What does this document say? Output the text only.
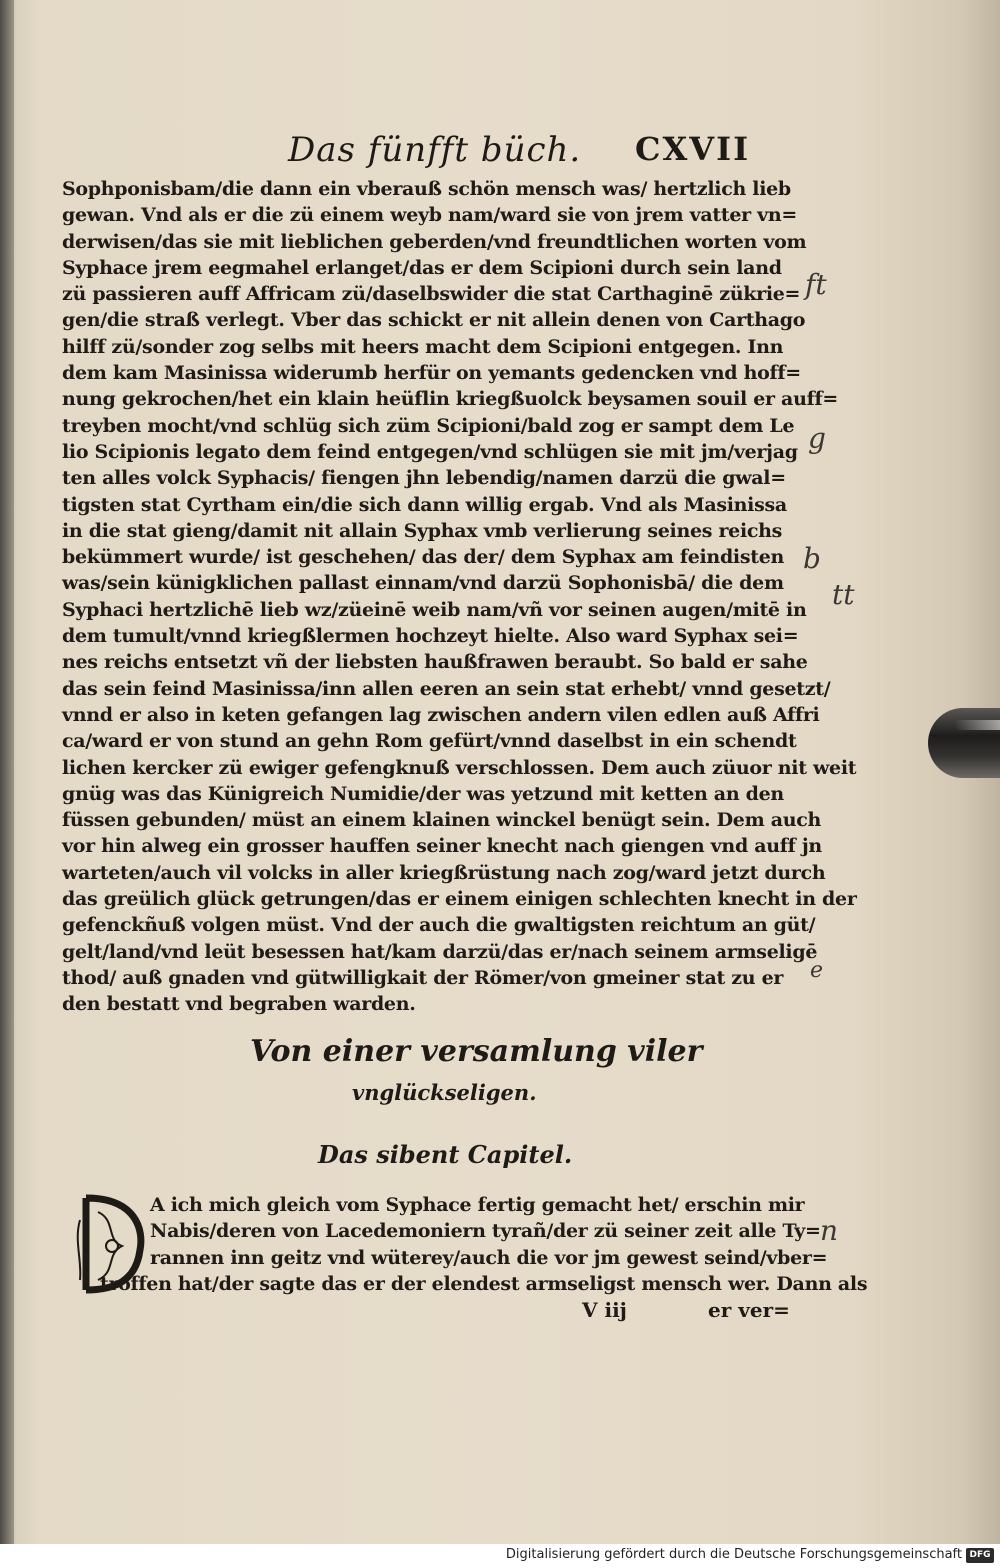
Das fünfft büch. CXVII
Sophponisbam/die dann ein vberauß schön mensch was/ hertzlich lieb
gewan. Vnd als er die zü einem weyb nam/ward sie von jrem vatter vn=
derwisen/das sie mit lieblichen geberden/vnd freundtlichen worten vom
Syphace jrem eegmahel erlanget/das er dem Scipioni durch sein land
zü passieren auff Affricam zü/daselbswider die stat Carthaginē zükrie=
gen/die straß verlegt. Vber das schickt er nit allein denen von Carthago
hilff zü/sonder zog selbs mit heers macht dem Scipioni entgegen. Inn
dem kam Masinissa widerumb herfür on yemants gedencken vnd hoff=
nung gekrochen/het ein klain heüflin kriegßuolck beysamen souil er auff=
treyben mocht/vnd schlüg sich züm Scipioni/bald zog er sampt dem Le
lio Scipionis legato dem feind entgegen/vnd schlügen sie mit jm/verjag
ten alles volck Syphacis/ fiengen jhn lebendig/namen darzü die gwal=
tigsten stat Cyrtham ein/die sich dann willig ergab. Vnd als Masinissa
in die stat gieng/damit nit allain Syphax vmb verlierung seines reichs
bekümmert wurde/ ist geschehen/ das der/ dem Syphax am feindisten
was/sein künigklichen pallast einnam/vnd darzü Sophonisbā/ die dem
Syphaci hertzlichē lieb wz/züeinē weib nam/vñ vor seinen augen/mitē in
dem tumult/vnnd kriegßlermen hochzeyt hielte. Also ward Syphax sei=
nes reichs entsetzt vñ der liebsten haußfrawen beraubt. So bald er sahe
das sein feind Masinissa/inn allen eeren an sein stat erhebt/ vnnd gesetzt/
vnnd er also in keten gefangen lag zwischen andern vilen edlen auß Affri
ca/ward er von stund an gehn Rom gefürt/vnnd daselbst in ein schendt
lichen kercker zü ewiger gefengknuß verschlossen. Dem auch züuor nit weit
gnüg was das Künigreich Numidie/der was yetzund mit ketten an den
füssen gebunden/ müst an einem klainen winckel benügt sein. Dem auch
vor hin alweg ein grosser hauffen seiner knecht nach giengen vnd auff jn
warteten/auch vil volcks in aller kriegßrüstung nach zog/ward jetzt durch
das greülich glück getrungen/das er einem einigen schlechten knecht in der
gefenckñuß volgen müst. Vnd der auch die gwaltigsten reichtum an güt/
gelt/land/vnd leüt besessen hat/kam darzü/das er/nach seinem armseligē
thod/ auß gnaden vnd gütwilligkait der Römer/von gmeiner stat zu er
den bestatt vnd begraben warden.
Von einer versamlung viler
vnglückseligen.
Das sibent Capitel.
A ich mich gleich vom Syphace fertig gemacht het/ erschin mir
Nabis/deren von Lacedemoniern tyrañ/der zü seiner zeit alle Ty=
rannen inn geitz vnd wüterey/auch die vor jm gewest seind/vber=
troffen hat/der sagte das er der elendest armseligst mensch wer. Dann als
V iij	er ver=
ft
g
b
tt
e
n
Digitalisierung gefördert durch die Deutsche Forschungsgemeinschaft DFG
